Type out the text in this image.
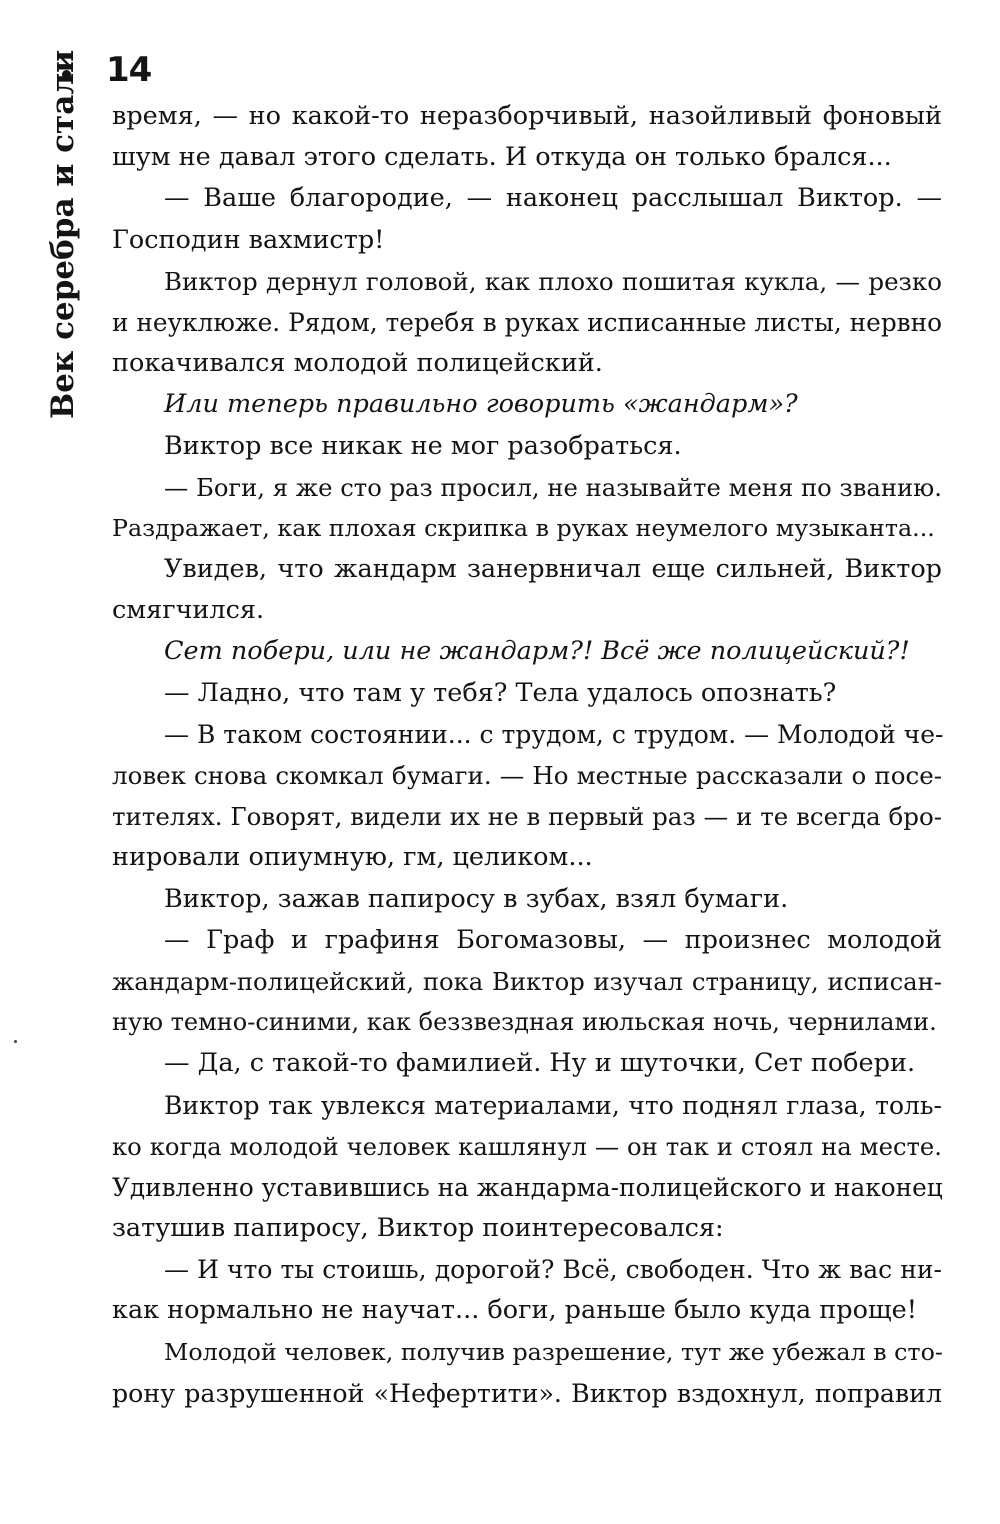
14
Век серебра и стали время, — но какой-то неразборчивый, назойливый фоновый
шум не давал этого сделать. И откуда он только брался...
— Ваше благородие, — наконец расслышал Виктор. —
Господин вахмистр!
Виктор дернул головой, как плохо пошитая кукла, — резко
и неуклюже. Рядом, теребя в руках исписанные листы, нервно
покачивался молодой полицейский.
Или теперь правильно говорить «жандарм»?
Виктор все никак не мог разобраться.
— Боги, я же сто раз просил, не называйте меня по званию.
Раздражает, как плохая скрипка в руках неумелого музыканта...
Увидев, что жандарм занервничал еще сильней, Виктор
смягчился.
Сет побери, или не жандарм?! Всё же полицейский?!
— Ладно, что там у тебя? Тела удалось опознать?
— В таком состоянии... с трудом, с трудом. — Молодой че-
ловек снова скомкал бумаги. — Но местные рассказали о посе-
тителях. Говорят, видели их не в первый раз — и те всегда бро-
нировали опиумную, гм, целиком...
Виктор, зажав папиросу в зубах, взял бумаги.
— Граф и графиня Богомазовы, — произнес молодой
жандарм-полицейский, пока Виктор изучал страницу, исписан-
ную темно-синими, как беззвездная июльская ночь, чернилами.
— Да, с такой-то фамилией. Ну и шуточки, Сет побери.
Виктор так увлекся материалами, что поднял глаза, толь-
ко когда молодой человек кашлянул — он так и стоял на месте.
Удивленно уставившись на жандарма-полицейского и наконец
затушив папиросу, Виктор поинтересовался:
— И что ты стоишь, дорогой? Всё, свободен. Что ж вас ни-
как нормально не научат... боги, раньше было куда проще!
Молодой человек, получив разрешение, тут же убежал в сто-
рону разрушенной «Нефертити». Виктор вздохнул, поправил
